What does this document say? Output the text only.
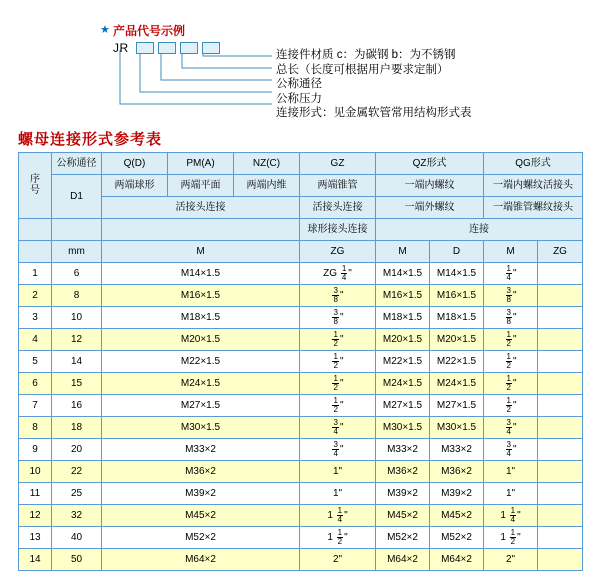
★ 产品代号示例
JR	连接件材质 c：为碳钢 b：为不锈钢
总长（长度可根据用户要求定制）
公称通径
公称压力
连接形式：见金属软管常用结构形式表
螺母连接形式参考表
序
号	公称通径	Q(D)	PM(A)	NZ(C)	GZ	QZ形式		QG形式	
	D1	两端球形	两端平面	两端内维	两端锥管	一端内螺纹		一端内螺纹活接头	
		活接头连接			活接头连接	一端外螺纹		一端锥管螺纹接头	
					球形接头连接	连接			
	mm	M			ZG	M	D	M	ZG
1	6	M14×1.5			ZG $\frac{1}{4}$ "	M14×1.5	M14×1.5	$\frac{1}{4}$ "	
2	8	M16×1.5			$\frac{3}{8}$ "	M16×1.5	M16×1.5	$\frac{3}{8}$ "	
3	10	M18×1.5			$\frac{3}{8}$ "	M18×1.5	M18×1.5	$\frac{3}{8}$ "	
4	12	M20×1.5			$\frac{1}{2}$ "	M20×1.5	M20×1.5	$\frac{1}{2}$ "	
5	14	M22×1.5			$\frac{1}{2}$ "	M22×1.5	M22×1.5	$\frac{1}{2}$ "	
6	15	M24×1.5			$\frac{1}{2}$ "	M24×1.5	M24×1.5	$\frac{1}{2}$ "	
7	16	M27×1.5			$\frac{1}{2}$ "	M27×1.5	M27×1.5	$\frac{1}{2}$ "	
8	18	M30×1.5			$\frac{3}{4}$ "	M30×1.5	M30×1.5	$\frac{3}{4}$ "	
9	20	M33×2			$\frac{3}{4}$ "	M33×2	M33×2	$\frac{3}{4}$ "	
10	22	M36×2			1"	M36×2	M36×2	1"	
11	25	M39×2			1"	M39×2	M39×2	1"	
12	32	M45×2			$1 \frac{1}{4}$ "	M45×2	M45×2	$1 \frac{1}{4}$ "	
13	40	M52×2			$1 \frac{1}{2}$ "	M52×2	M52×2	$1 \frac{1}{2}$ "	
14	50	M64×2			2"	M64×2	M64×2	2"	
